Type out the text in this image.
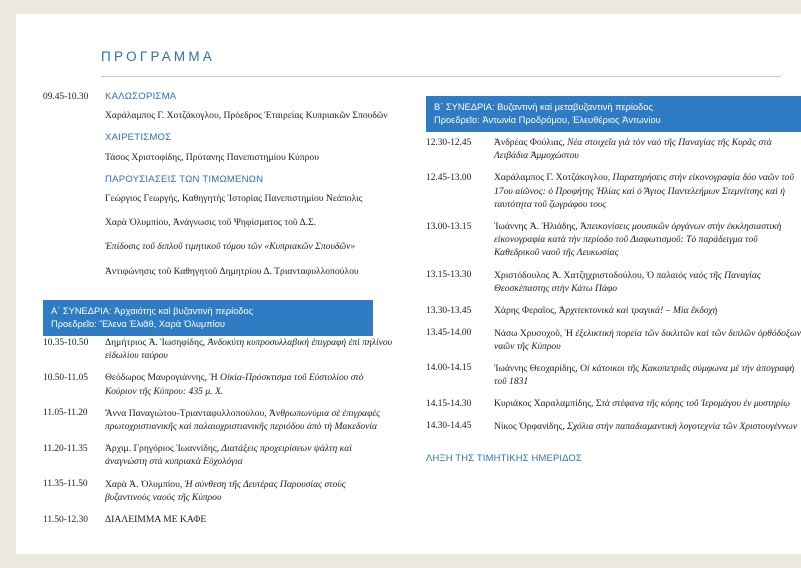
ΠΡΟΓΡΑΜΜΑ
09.45-10.30	ΚΑΛΩΣΟΡΙΣΜΑ
Χαράλαμπος Γ. Χοτζάκογλου, Πρόεδρος Ἑταιρείας Κυπριακῶν Σπουδῶν
ΧΑΙΡΕΤΙΣΜΟΣ
Τάσος Χριστοφίδης, Πρύτανης Πανεπιστημίου Κύπρου
ΠΑΡΟΥΣΙΑΣΕΙΣ ΤΩΝ ΤΙΜΩΜΕΝΩΝ
Γεώργιος Γεωργής, Καθηγητὴς Ἱστορίας Πανεπιστημίου Νεάπολις
Χαρὰ Ὀλυμπίου, Ἀνάγνωσις τοῦ Ψηφίσματος τοῦ Δ.Σ.
Ἐπίδοσις τοῦ διπλοῦ τιμητικοῦ τόμου τῶν «Κυπριακῶν Σπουδῶν»
Ἀντιφώνησις τοῦ Καθηγητοῦ Δημητρίου Δ. Τριανταφυλλοπούλου
Α΄ ΣΥΝΕΔΡΙΑ: Ἀρχαιότης καὶ βυζαντινὴ περίοδος
Προεδρεῖο: Ἕλενα Ἑλιᾶθ, Χαρὰ Ὀλυμπίου
10.35-10.50	Δημήτριος Ἀ. Ἰωσηφίδης, Ἀνδοκύτη κυπροσυλλαβικὴ ἐπιγραφὴ ἐπὶ πηλίνου εἰδωλίου ταύρου
10.50-11.05	Θεόδωρος Μαυρογιάννης, Ἡ Οἰκία-Πρόσκτισμα τοῦ Εὐστολίου στὸ Κούριον τῆς Κύπρου: 435 μ. Χ.
11.05-11.20	Ἄννα Παναγιώτου-Τριανταφυλλοπούλου, Ἀνθρωπωνύμια σὲ ἐπιγραφὲς πρωτοχριστιανικῆς καὶ παλαιοχριστιανικῆς περιόδου ἀπὸ τὴ Μακεδονία
11.20-11.35	Ἀρχιμ. Γρηγόριος Ἰωαννίδης, Διατάξεις προχειρίσεων ψάλτη καὶ ἀναγνώστη στὰ κυπριακὰ Εὐχολόγια
11.35-11.50	Χαρὰ Ἀ. Ὀλυμπίου, Ἡ σύνθεση τῆς Δευτέρας Παρουσίας στοὺς βυζαντινοὺς ναοὺς τῆς Κύπρου
11.50-12.30	ΔΙΑΛΕΙΜΜΑ ΜΕ ΚΑΦΕ
Β΄ ΣΥΝΕΔΡΙΑ: Βυζαντινὴ καὶ μεταβυζαντινὴ περίοδος
Προεδρεῖο: Ἀντωνία Προδρόμου, Ἐλευθέριος Ἀντωνίου
12.30-12.45	Ἀνδρέας Φούλιας, Νέα στοιχεῖα γιὰ τὸν ναὸ τῆς Παναγίας τῆς Κυρᾶς στὰ Λειβάδια Ἀμμοχώστου
12.45-13.00	Χαράλαμπος Γ. Χοτζάκογλου, Παρατηρήσεις στὴν εἰκονογραφία δύο ναῶν τοῦ 17ου αἰῶνος: ὁ Προφήτης Ἠλίας καὶ ὁ Ἅγιος Παντελεήμων Στεμνίτσης καὶ ἡ ταυτότητα τοῦ ζωγράφου τους
13.00-13.15	Ἰωάννης Ἀ. Ἠλιάδης, Ἀπεικονίσεις μουσικῶν ὀργάνων στὴν ἐκκλησιαστικὴ εἰκονογραφία κατὰ τὴν περίοδο τοῦ Διαφωτισμοῦ: Τὸ παράδειγμα τοῦ Καθεδρικοῦ ναοῦ τῆς Λευκωσίας
13.15-13.30	Χριστόδουλος Ἀ. Χατζηχριστοδούλου, Ὁ παλαιὸς ναὸς τῆς Παναγίας Θεοσκέπαστης στὴν Κάτω Πάφο
13.30-13.45	Χάρης Φεραῖος, Ἀρχιτεκτονικὰ καὶ τραγικά! – Μία ἔκδοχὴ
13.45-14.00	Νάσω Χρυσοχοῦ, Ἡ ἐξελικτικὴ πορεία τῶν δικλιτῶν καὶ τῶν διπλῶν ὀρθόδοξων ναῶν τῆς Κύπρου
14.00-14.15	Ἰωάννης Θεοχαρίδης, Οἱ κάτοικοι τῆς Κακοπετριᾶς σύμφωνα μὲ τὴν ἀπογραφὴ τοῦ 1831
14.15-14.30	Κυριάκος Χαραλαμπίδης, Στὰ στέφανα τῆς κόρης τοῦ Ἱερομάγου ἐν μυστηρίῳ
14.30-14.45	Νίκος Ὀρφανίδης, Σχόλια στὴν παπαδιαμαντικὴ λογοτεχνία τῶν Χριστουγέννων
ΛΗΞΗ ΤΗΣ ΤΙΜΗΤΙΚΗΣ ΗΜΕΡΙΔΟΣ
